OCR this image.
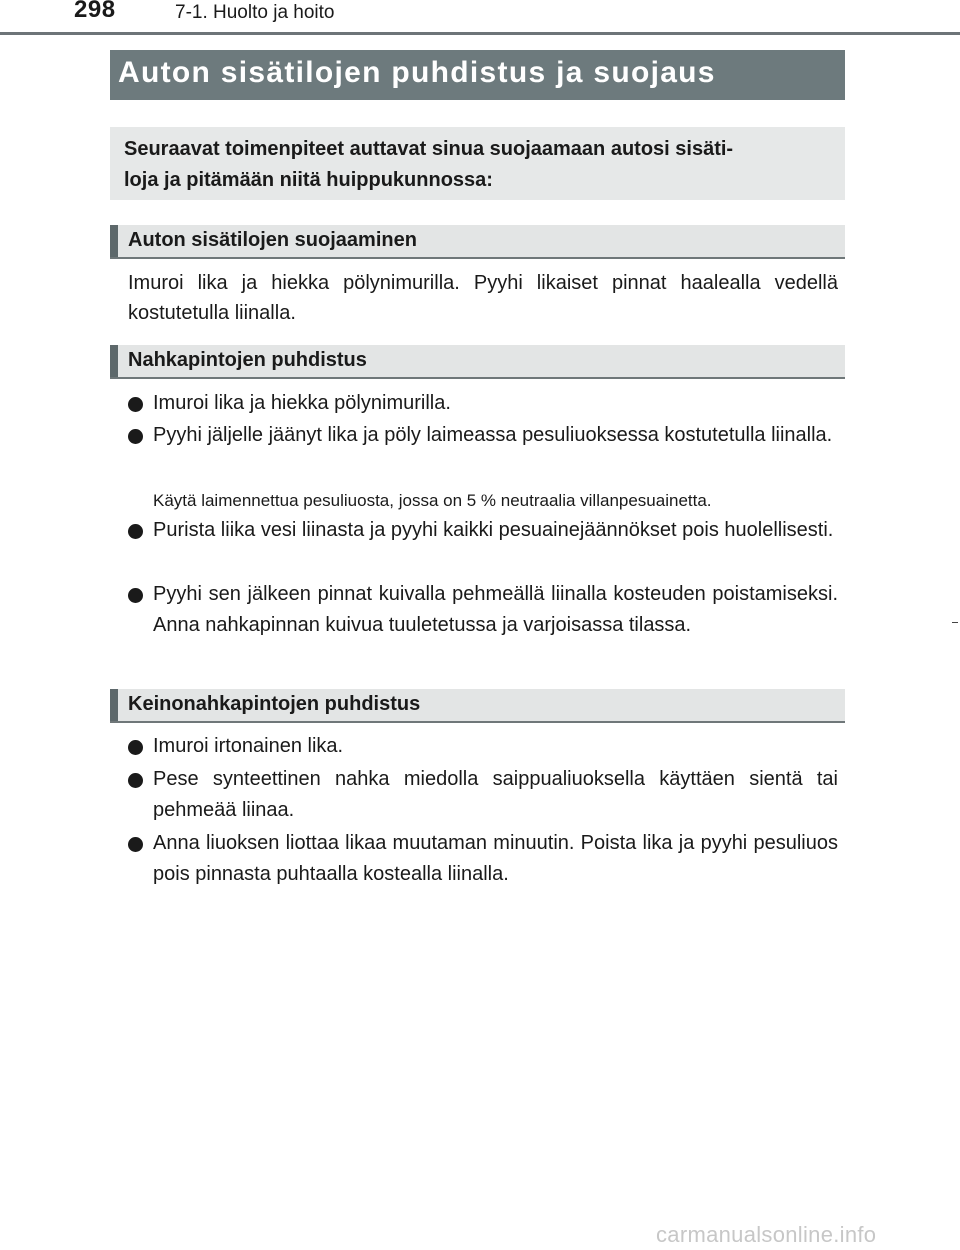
298	7-1. Huolto ja hoito
Auton sisätilojen puhdistus ja suojaus
Seuraavat toimenpiteet auttavat sinua suojaamaan autosi sisäti-
loja ja pitämään niitä huippukunnossa:
Auton sisätilojen suojaaminen
Imuroi lika ja hiekka pölynimurilla. Pyyhi likaiset pinnat haalealla vedellä kostutetulla liinalla.
Nahkapintojen puhdistus
Imuroi lika ja hiekka pölynimurilla.
Pyyhi jäljelle jäänyt lika ja pöly laimeassa pesuliuoksessa kostutetulla liinalla.
Käytä laimennettua pesuliuosta, jossa on 5 % neutraalia villanpesuainetta.
Purista liika vesi liinasta ja pyyhi kaikki pesuainejäännökset pois huolellisesti.
Pyyhi sen jälkeen pinnat kuivalla pehmeällä liinalla kosteuden poistamiseksi. Anna nahkapinnan kuivua tuuletetussa ja varjoisassa tilassa.
Keinonahkapintojen puhdistus
Imuroi irtonainen lika.
Pese synteettinen nahka miedolla saippualiuoksella käyttäen sientä tai pehmeää liinaa.
Anna liuoksen liottaa likaa muutaman minuutin. Poista lika ja pyyhi pesuliuos pois pinnasta puhtaalla kostealla liinalla.
carmanualsonline.info
